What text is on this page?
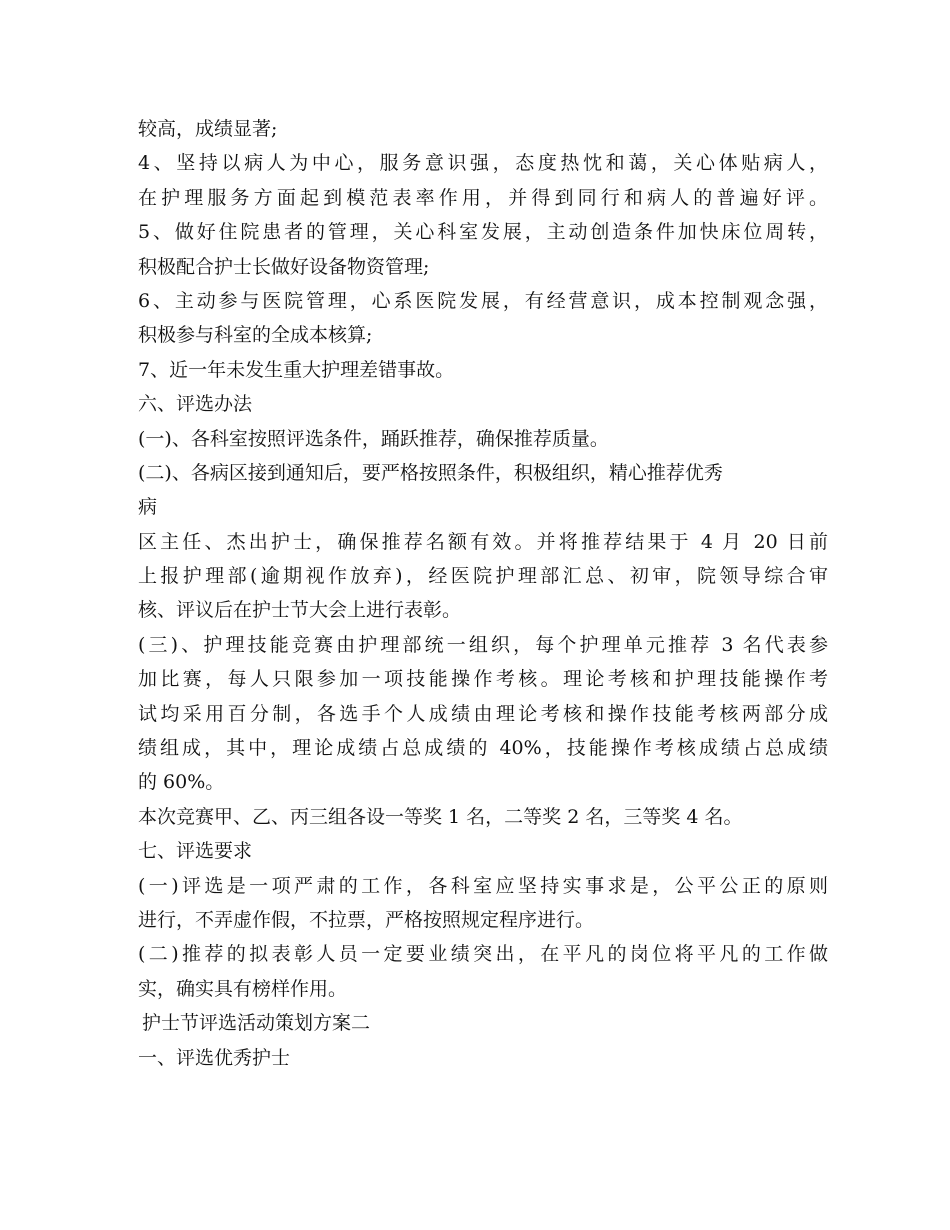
较高，成绩显著;
4、坚持以病人为中心，服务意识强，态度热忱和蔼，关心体贴病人，
在护理服务方面起到模范表率作用，并得到同行和病人的普遍好评。
5、做好住院患者的管理，关心科室发展，主动创造条件加快床位周转，
积极配合护士长做好设备物资管理;
6、主动参与医院管理，心系医院发展，有经营意识，成本控制观念强，
积极参与科室的全成本核算;
7、近一年未发生重大护理差错事故。
六、评选办法
(一)、各科室按照评选条件，踊跃推荐，确保推荐质量。
(二)、各病区接到通知后，要严格按照条件，积极组织，精心推荐优秀
病
区主任、杰出护士，确保推荐名额有效。并将推荐结果于 4 月 20 日前
上报护理部(逾期视作放弃)，经医院护理部汇总、初审，院领导综合审
核、评议后在护士节大会上进行表彰。
(三)、护理技能竞赛由护理部统一组织，每个护理单元推荐 3 名代表参
加比赛，每人只限参加一项技能操作考核。理论考核和护理技能操作考
试均采用百分制，各选手个人成绩由理论考核和操作技能考核两部分成
绩组成，其中，理论成绩占总成绩的 40%，技能操作考核成绩占总成绩
的 60%。
本次竞赛甲、乙、丙三组各设一等奖 1 名，二等奖 2 名，三等奖 4 名。
七、评选要求
(一)评选是一项严肃的工作，各科室应坚持实事求是，公平公正的原则
进行，不弄虚作假，不拉票，严格按照规定程序进行。
(二)推荐的拟表彰人员一定要业绩突出，在平凡的岗位将平凡的工作做
实，确实具有榜样作用。
护士节评选活动策划方案二
一、评选优秀护士
